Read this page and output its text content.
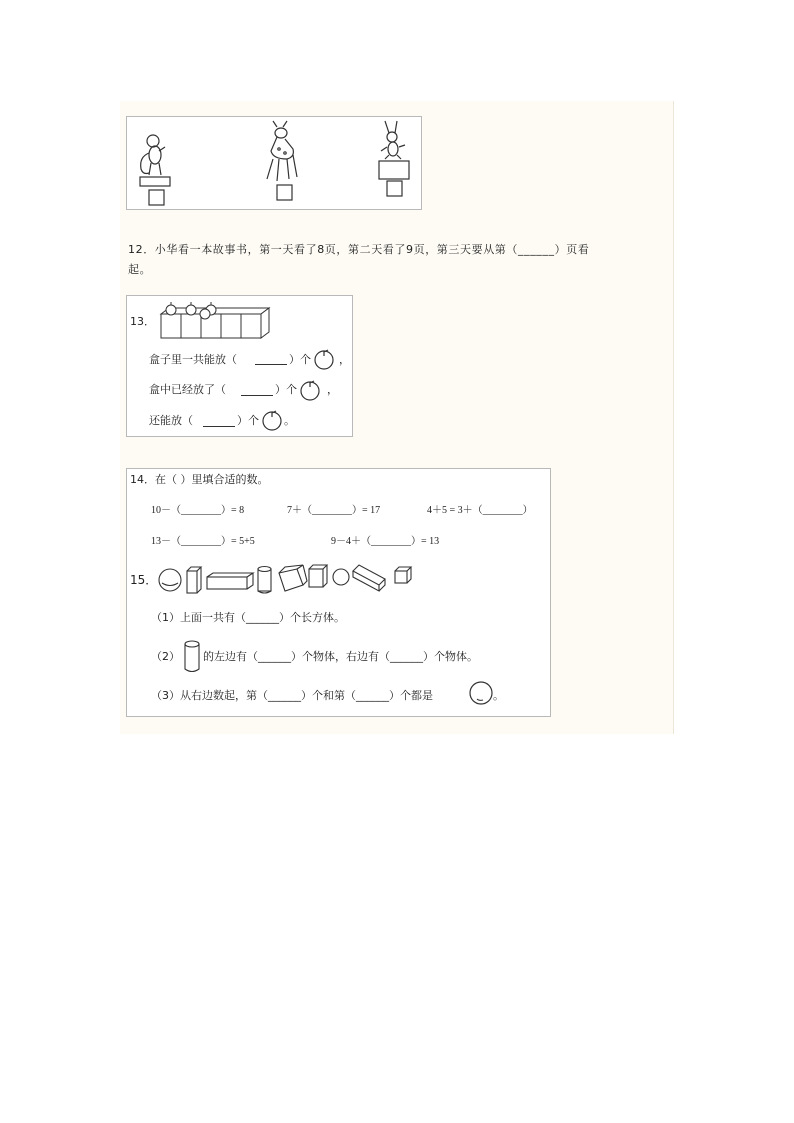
12．小华看一本故事书，第一天看了8页，第二天看了9页，第三天要从第（______）页看
起。
13．
盒子里一共能放（	）个	，
盒中已经放了（	）个	，
还能放（	）个 。
14．在（ ）里填合适的数。
10－（________）= 8	7＋（________）= 17	4＋5 = 3＋（________）
13－（________）= 5+5	9－4＋（________）= 13
15．
（1）上面一共有（______）个长方体。
（2） 的左边有（______）个物体，右边有（______）个物体。
（3）从右边数起，第（______）个和第（______）个都是	。
